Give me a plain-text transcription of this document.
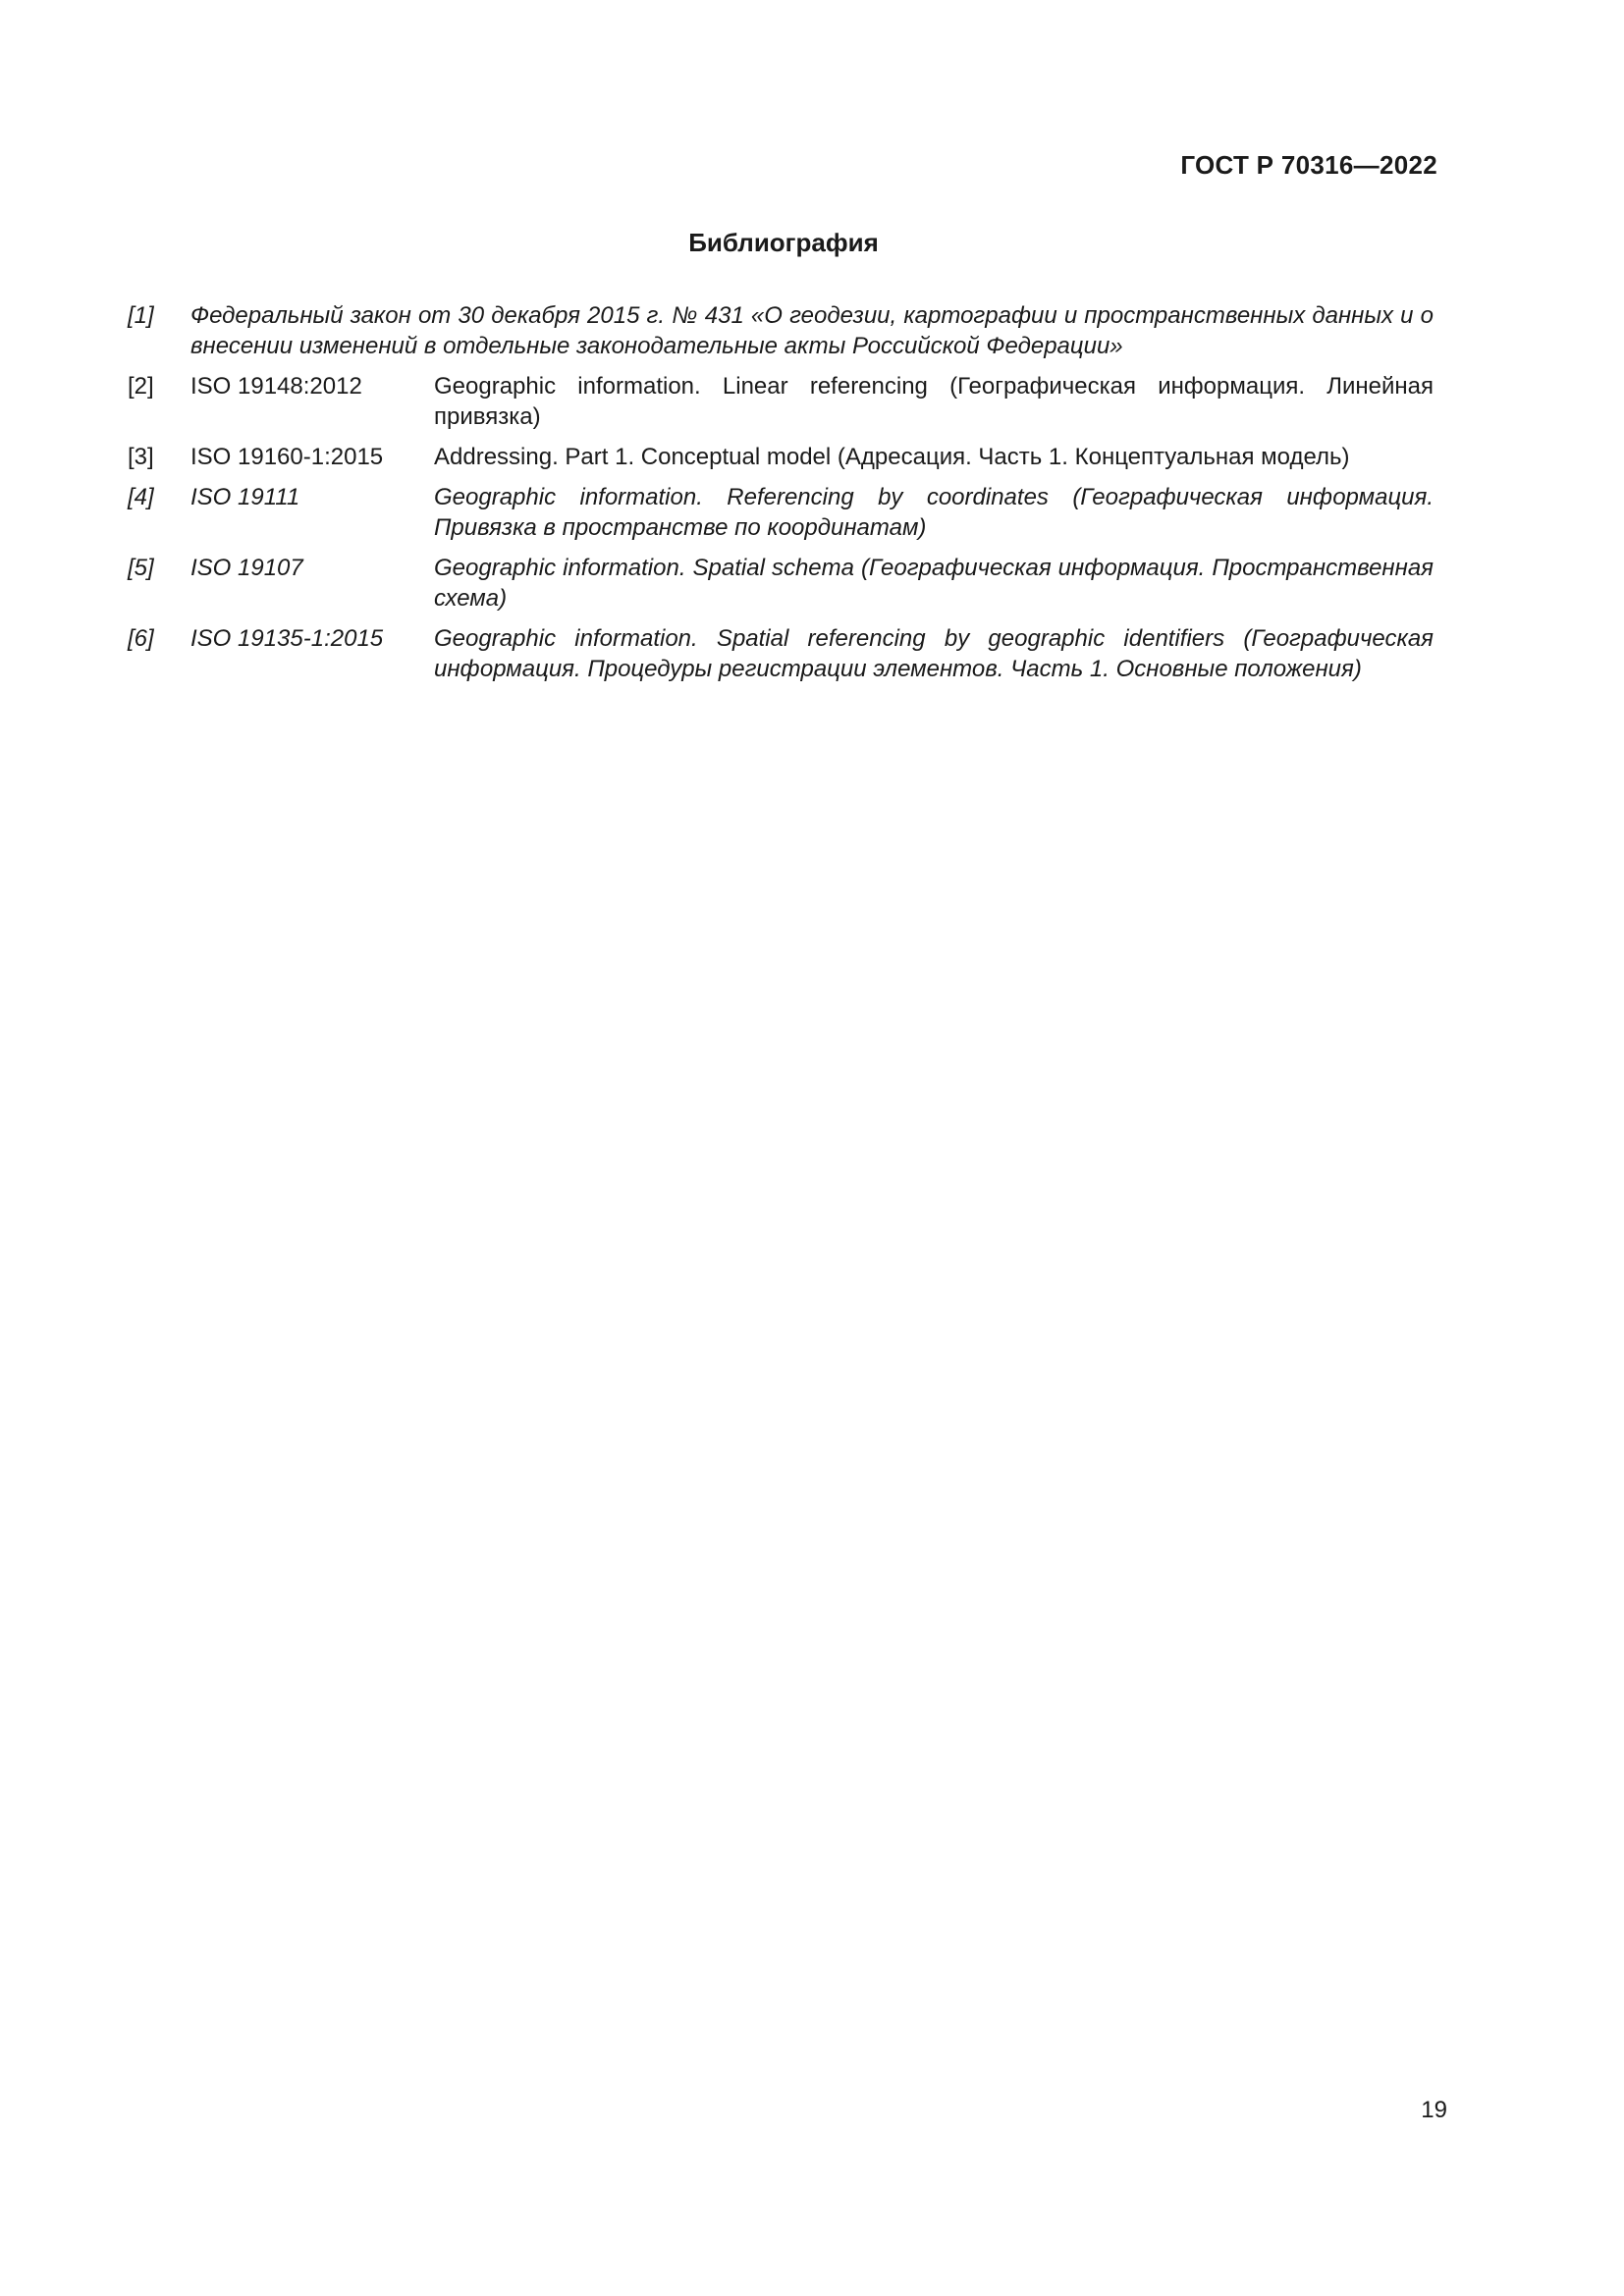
ГОСТ Р 70316—2022
Библиография
[1]	Федеральный закон от 30 декабря 2015 г. № 431 «О геодезии, картографии и пространственных данных и о внесении изменений в отдельные законодательные акты Российской Федерации»
[2]	ISO 19148:2012	Geographic information. Linear referencing (Географическая информация. Линейная привязка)
[3]	ISO 19160-1:2015	Addressing. Part 1. Conceptual model (Адресация. Часть 1. Концептуальная модель)
[4]	ISO 19111	Geographic information. Referencing by coordinates (Географическая информация. Привязка в пространстве по координатам)
[5]	ISO 19107	Geographic information. Spatial schema (Географическая информация. Пространственная схема)
[6]	ISO 19135-1:2015	Geographic information. Spatial referencing by geographic identifiers (Географическая информация. Процедуры регистрации элементов. Часть 1. Основные положения)
19
